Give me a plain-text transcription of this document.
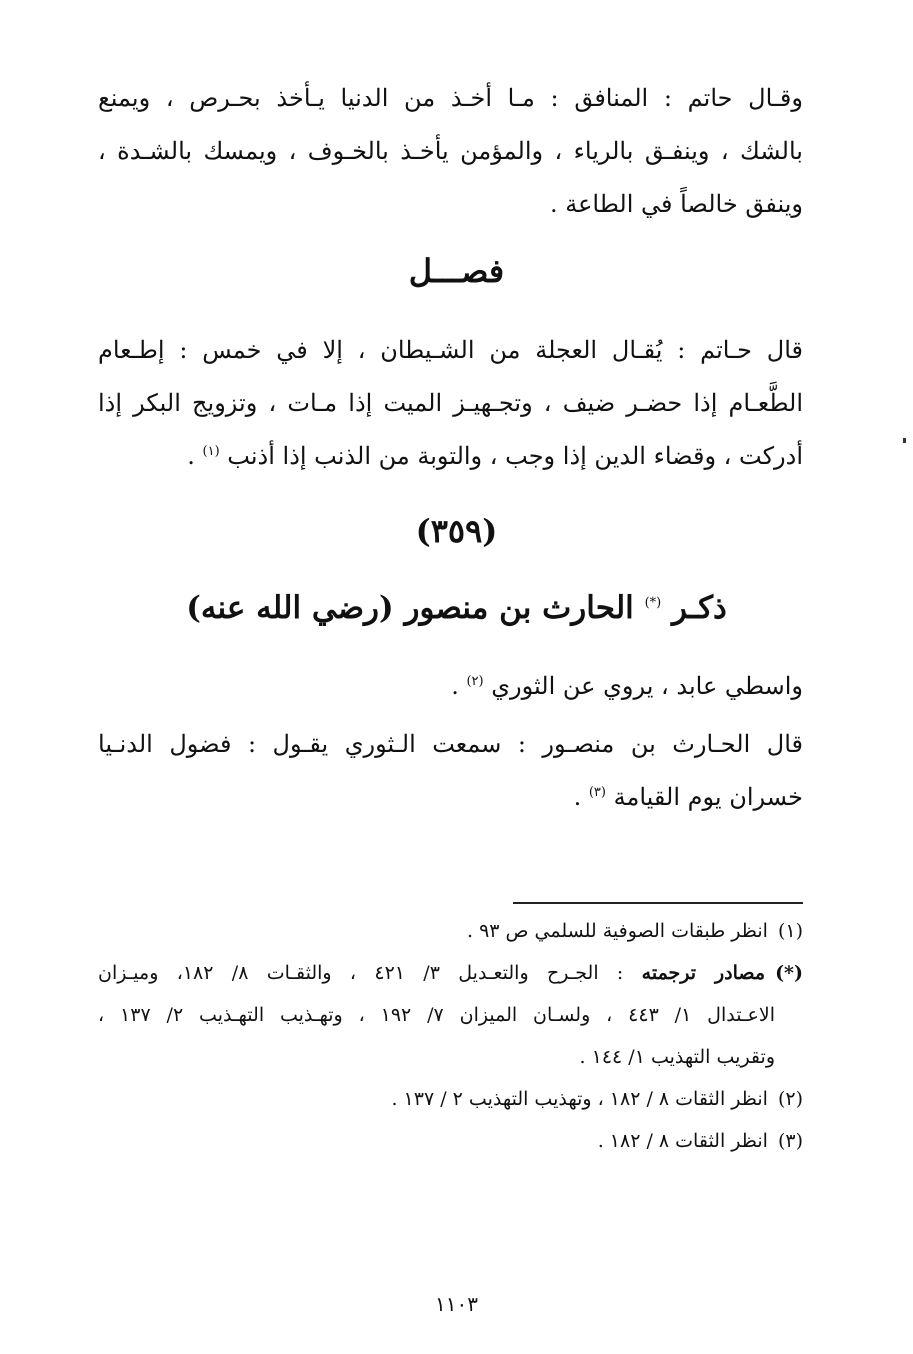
وقـال حاتم : المنافق : مـا أخـذ من الدنيا يـأخذ بحـرص ، ويمنع
بالشك ، وينفـق بالرياء ، والمؤمن يأخـذ بالخـوف ، ويمسك بالشـدة ،
وينفق خالصاً في الطاعة .
فصـــل
قال حـاتم : يُقـال العجلة من الشـيطان ، إلا في خمس : إطـعام
الطَّعـام إذا حضـر ضيف ، وتجـهيـز الميت إذا مـات ، وتزويج البكر إذا
أدركت ، وقضاء الدين إذا وجب ، والتوبة من الذنب إذا أذنب $^{(١)}$ .
(٣٥٩)
ذكـر (*) الحارث بن منصور (رضي الله عنه)
واسطي عابد ، يروي عن الثوري $^{(٢)}$ .
قال الحـارث بن منصـور : سمعت الـثوري يقـول : فضول الدنـيا
خسران يوم القيامة $^{(٣)}$ .
(١)انظر طبقات الصوفية للسلمي ص ٩٣ .
(*)مصادر ترجمته : الجـرح والتعـديل ٣/ ٤٢١ ، والثقـات ٨/ ١٨٢، وميـزان
الاعـتدال ١/ ٤٤٣ ، ولسـان الميزان ٧/ ١٩٢ ، وتهـذيب التهـذيب ٢/ ١٣٧ ،
وتقريب التهذيب ١/ ١٤٤ .
(٢)انظر الثقات ٨ / ١٨٢ ، وتهذيب التهذيب ٢ / ١٣٧ .
(٣)انظر الثقات ٨ / ١٨٢ .
١١٠٣
